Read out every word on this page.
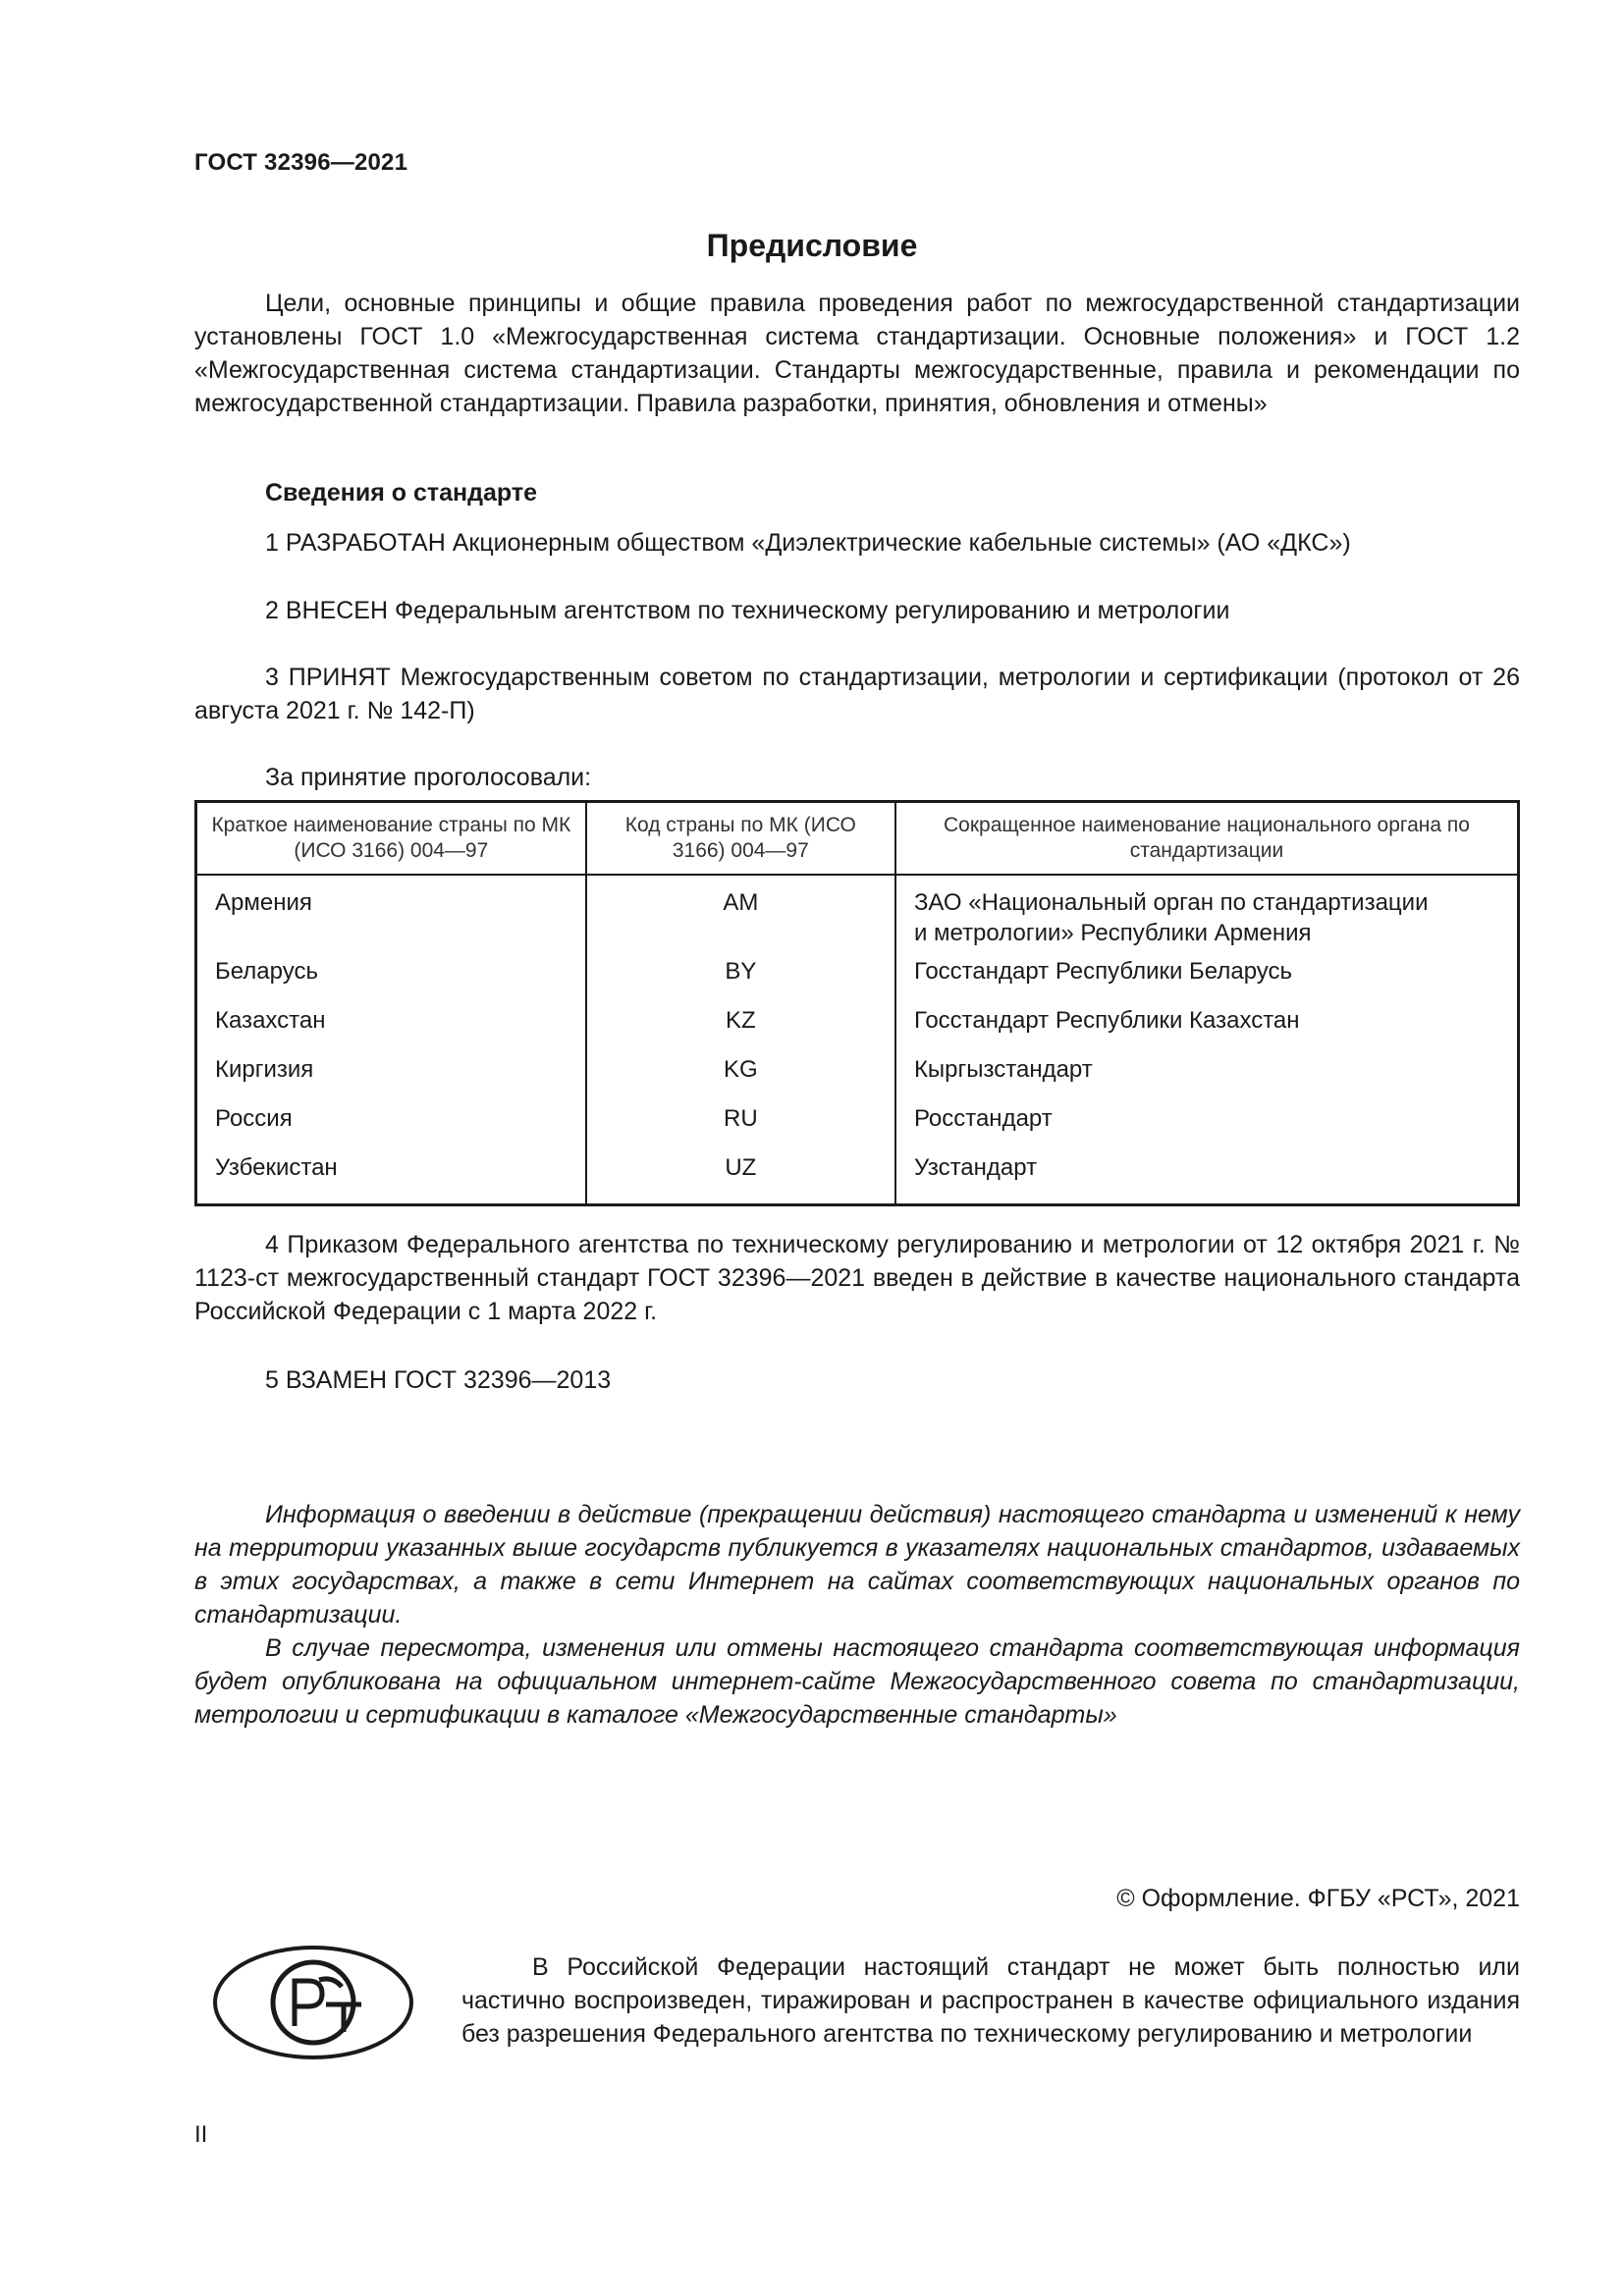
ГОСТ 32396—2021
Предисловие
Цели, основные принципы и общие правила проведения работ по межгосударственной стандартизации установлены ГОСТ 1.0 «Межгосударственная система стандартизации. Основные положения» и ГОСТ 1.2 «Межгосударственная система стандартизации. Стандарты межгосударственные, правила и рекомендации по межгосударственной стандартизации. Правила разработки, принятия, обновления и отмены»
Сведения о стандарте
1 РАЗРАБОТАН Акционерным обществом «Диэлектрические кабельные системы» (АО «ДКС»)
2 ВНЕСЕН Федеральным агентством по техническому регулированию и метрологии
3 ПРИНЯТ Межгосударственным советом по стандартизации, метрологии и сертификации (протокол от 26 августа 2021 г. № 142-П)
За принятие проголосовали:
Краткое наименование страны по МК (ИСО 3166) 004—97	Код страны по МК (ИСО 3166) 004—97	Сокращенное наименование национального органа по стандартизации
Армения	AM	ЗАО «Национальный орган по стандартизации
и метрологии» Республики Армения

Беларусь	BY	Госстандарт Республики Беларусь
Казахстан	KZ	Госстандарт Республики Казахстан
Киргизия	KG	Кыргызстандарт
Россия	RU	Росстандарт
Узбекистан	UZ	Узстандарт
4 Приказом Федерального агентства по техническому регулированию и метрологии от 12 октября 2021 г. № 1123-ст межгосударственный стандарт ГОСТ 32396—2021 введен в действие в качестве национального стандарта Российской Федерации с 1 марта 2022 г.
5 ВЗАМЕН ГОСТ 32396—2013
Информация о введении в действие (прекращении действия) настоящего стандарта и изменений к нему на территории указанных выше государств публикуется в указателях национальных стандартов, издаваемых в этих государствах, а также в сети Интернет на сайтах соответствующих национальных органов по стандартизации.
В случае пересмотра, изменения или отмены настоящего стандарта соответствующая информация будет опубликована на официальном интернет-сайте Межгосударственного совета по стандартизации, метрологии и сертификации в каталоге «Межгосударственные стандарты»
© Оформление. ФГБУ «РСТ», 2021
В Российской Федерации настоящий стандарт не может быть полностью или частично воспроизведен, тиражирован и распространен в качестве официального издания без разрешения Федерального агентства по техническому регулированию и метрологии
II
